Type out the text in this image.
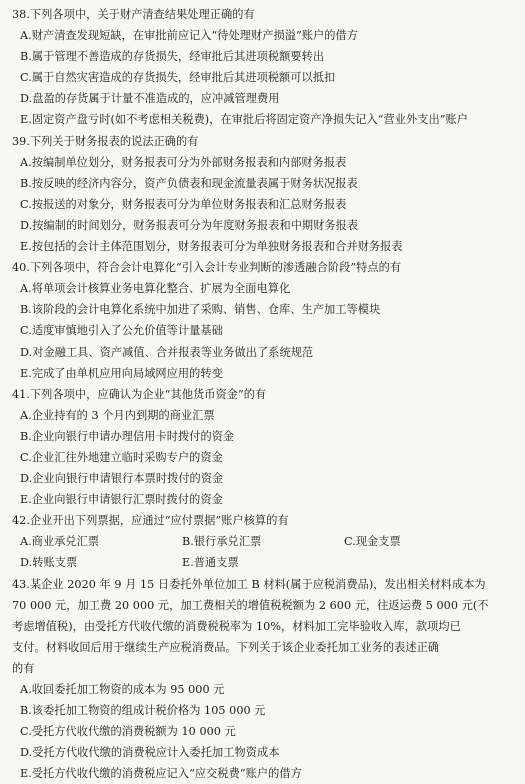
38.下列各项中，关于财产清查结果处理正确的有
A.财产清查发现短缺，在审批前应记入“待处理财产损溢”账户的借方
B.属于管理不善造成的存货损失，经审批后其进项税额要转出
C.属于自然灾害造成的存货损失，经审批后其进项税额可以抵扣
D.盘盈的存货属于计量不准造成的，应冲减管理费用
E.固定资产盘亏时(如不考虑相关税费)，在审批后将固定资产净损失记入“营业外支出”账户
39.下列关于财务报表的说法正确的有
A.按编制单位划分，财务报表可分为外部财务报表和内部财务报表
B.按反映的经济内容分，资产负债表和现金流量表属于财务状况报表
C.按报送的对象分，财务报表可分为单位财务报表和汇总财务报表
D.按编制的时间划分，财务报表可分为年度财务报表和中期财务报表
E.按包括的会计主体范围划分，财务报表可分为单独财务报表和合并财务报表
40.下列各项中，符合会计电算化“引入会计专业判断的渗透融合阶段”特点的有
A.将单项会计核算业务电算化整合、扩展为全面电算化
B.该阶段的会计电算化系统中加进了采购、销售、仓库、生产加工等模块
C.适度审慎地引入了公允价值等计量基础
D.对金融工具、资产减值、合并报表等业务做出了系统规范
E.完成了由单机应用向局域网应用的转变
41.下列各项中，应确认为企业“其他货币资金”的有
A.企业持有的 3 个月内到期的商业汇票
B.企业向银行申请办理信用卡时拨付的资金
C.企业汇往外地建立临时采购专户的资金
D.企业向银行申请银行本票时拨付的资金
E.企业向银行申请银行汇票时拨付的资金
42.企业开出下列票据，应通过“应付票据”账户核算的有
A.商业承兑汇票	B.银行承兑汇票	C.现金支票
D.转账支票	E.普通支票
43.某企业 2020 年 9 月 15 日委托外单位加工 B 材料(属于应税消费品)，发出相关材料成本为
70 000 元，加工费 20 000 元，加工费相关的增值税税额为 2 600 元，往返运费 5 000 元(不
考虑增值税)，由受托方代收代缴的消费税税率为 10%，材料加工完毕验收入库，款项均已
支付。材料收回后用于继续生产应税消费品。下列关于该企业委托加工业务的表述正确
的有
A.收回委托加工物资的成本为 95 000 元
B.该委托加工物资的组成计税价格为 105 000 元
C.受托方代收代缴的消费税额为 10 000 元
D.受托方代收代缴的消费税应计入委托加工物资成本
E.受托方代收代缴的消费税应记入“应交税费”账户的借方
